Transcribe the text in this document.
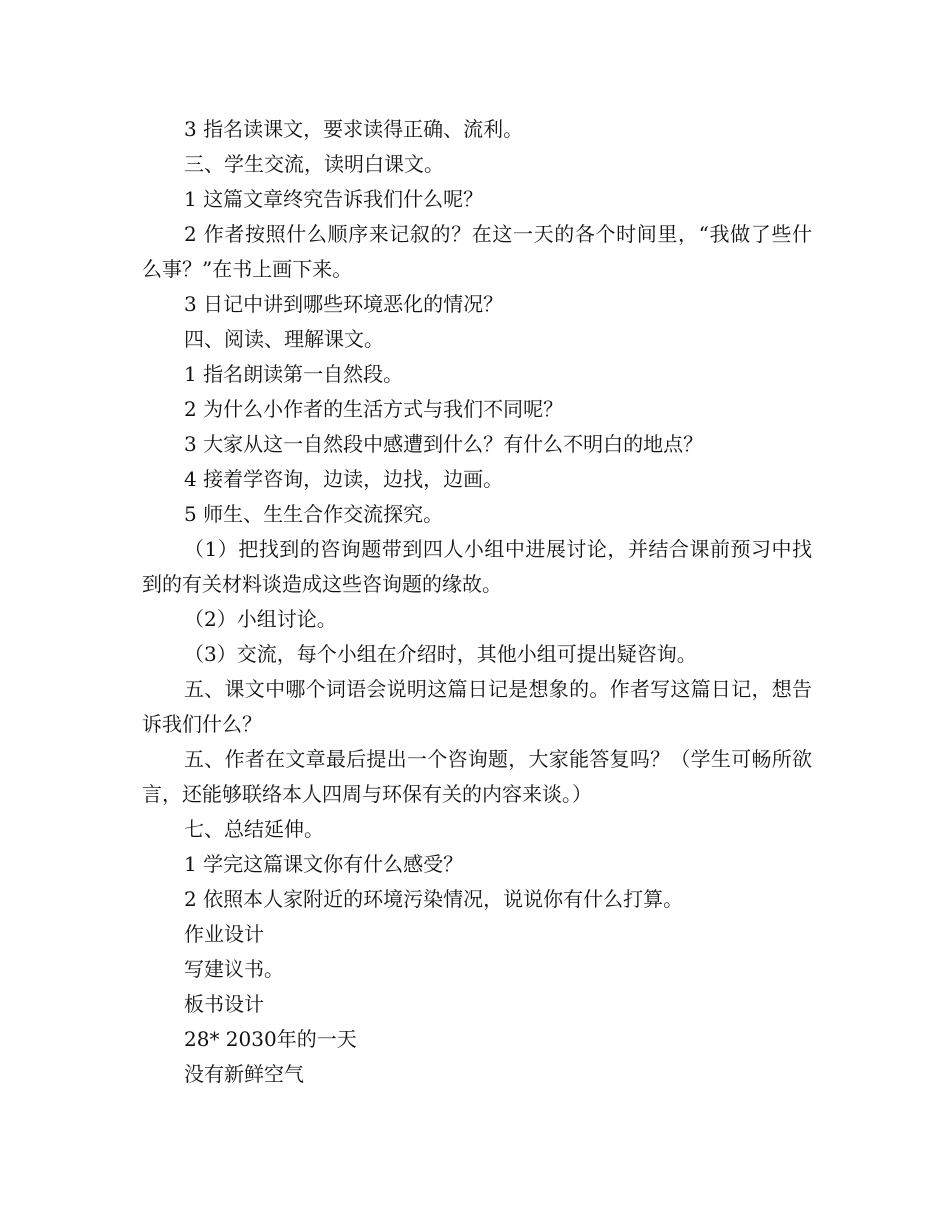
3 指名读课文，要求读得正确、流利。

三、学生交流，读明白课文。

1 这篇文章终究告诉我们什么呢？

2 作者按照什么顺序来记叙的？在这一天的各个时间里，“我做了些什么事？”在书上画下来。

3 日记中讲到哪些环境恶化的情况？

四、阅读、理解课文。

1 指名朗读第一自然段。

2 为什么小作者的生活方式与我们不同呢？

3 大家从这一自然段中感遭到什么？有什么不明白的地点？

4 接着学咨询，边读，边找，边画。

5 师生、生生合作交流探究。

（1）把找到的咨询题带到四人小组中进展讨论，并结合课前预习中找到的有关材料谈造成这些咨询题的缘故。

（2）小组讨论。

（3）交流，每个小组在介绍时，其他小组可提出疑咨询。

五、课文中哪个词语会说明这篇日记是想象的。作者写这篇日记，想告诉我们什么？

五、作者在文章最后提出一个咨询题，大家能答复吗？（学生可畅所欲言，还能够联络本人四周与环保有关的内容来谈。）

七、总结延伸。

1 学完这篇课文你有什么感受？

2 依照本人家附近的环境污染情况，说说你有什么打算。

作业设计

写建议书。

板书设计

28* 2030年的一天

没有新鲜空气
